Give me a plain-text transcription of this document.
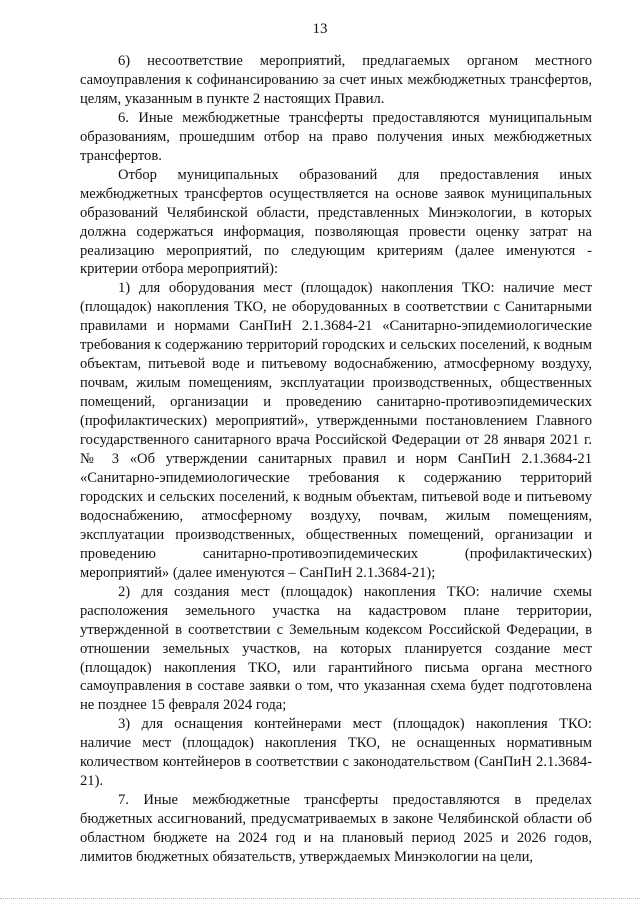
13

6) несоответствие мероприятий, предлагаемых органом местного самоуправления к софинансированию за счет иных межбюджетных трансфертов, целям, указанным в пункте 2 настоящих Правил.

6. Иные межбюджетные трансферты предоставляются муниципальным образованиям, прошедшим отбор на право получения иных межбюджетных трансфертов.

Отбор муниципальных образований для предоставления иных межбюджетных трансфертов осуществляется на основе заявок муниципальных образований Челябинской области, представленных Минэкологии, в которых должна содержаться информация, позволяющая провести оценку затрат на реализацию мероприятий, по следующим критериям (далее именуются - критерии отбора мероприятий):

1) для оборудования мест (площадок) накопления ТКО: наличие мест (площадок) накопления ТКО, не оборудованных в соответствии с Санитарными правилами и нормами СанПиН 2.1.3684-21 «Санитарно-эпидемиологические требования к содержанию территорий городских и сельских поселений, к водным объектам, питьевой воде и питьевому водоснабжению, атмосферному воздуху, почвам, жилым помещениям, эксплуатации производственных, общественных помещений, организации и проведению санитарно-противоэпидемических (профилактических) мероприятий», утвержденными постановлением Главного государственного санитарного врача Российской Федерации от 28 января 2021 г. № 3 «Об утверждении санитарных правил и норм СанПиН 2.1.3684-21 «Санитарно-эпидемиологические требования к содержанию территорий городских и сельских поселений, к водным объектам, питьевой воде и питьевому водоснабжению, атмосферному воздуху, почвам, жилым помещениям, эксплуатации производственных, общественных помещений, организации и проведению санитарно-противоэпидемических (профилактических) мероприятий» (далее именуются – СанПиН 2.1.3684-21);

2) для создания мест (площадок) накопления ТКО: наличие схемы расположения земельного участка на кадастровом плане территории, утвержденной в соответствии с Земельным кодексом Российской Федерации, в отношении земельных участков, на которых планируется создание мест (площадок) накопления ТКО, или гарантийного письма органа местного самоуправления в составе заявки о том, что указанная схема будет подготовлена не позднее 15 февраля 2024 года;

3) для оснащения контейнерами мест (площадок) накопления ТКО: наличие мест (площадок) накопления ТКО, не оснащенных нормативным количеством контейнеров в соответствии с законодательством (СанПиН 2.1.3684-21).

7. Иные межбюджетные трансферты предоставляются в пределах бюджетных ассигнований, предусматриваемых в законе Челябинской области об областном бюджете на 2024 год и на плановый период 2025 и 2026 годов, лимитов бюджетных обязательств, утверждаемых Минэкологии на цели,
